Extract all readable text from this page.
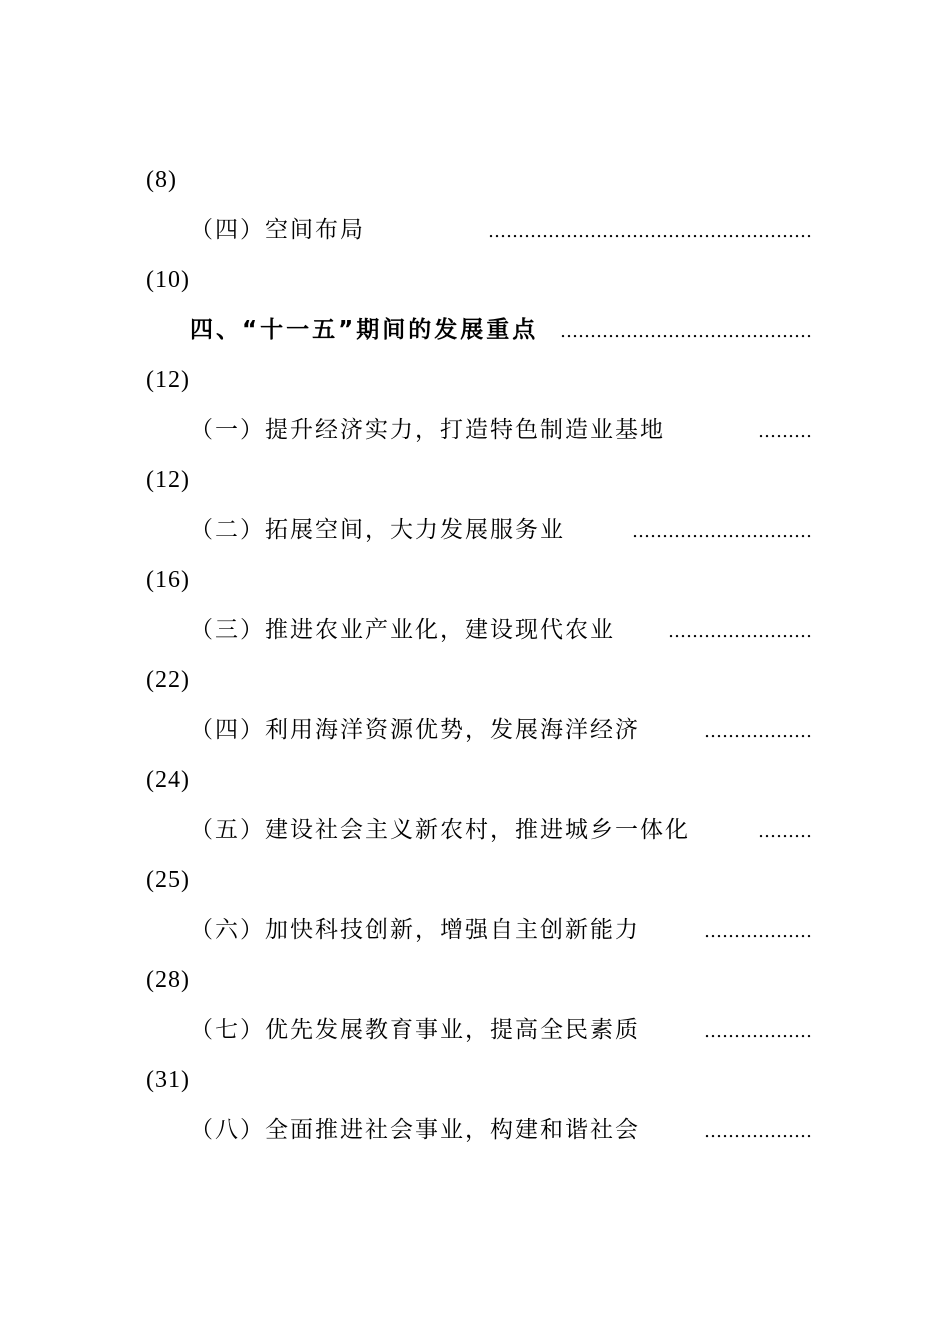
(8)
（四）空间布局	………………………………………………
(10)
四、“十一五”期间的发展重点	……………………………………
(12)
（一）提升经济实力，打造特色制造业基地	………
(12)
（二）拓展空间，大力发展服务业	…………………………
(16)
（三）推进农业产业化，建设现代农业	……………………
(22)
（四）利用海洋资源优势，发展海洋经济	………………
(24)
（五）建设社会主义新农村，推进城乡一体化	………
(25)
（六）加快科技创新，增强自主创新能力	………………
(28)
（七）优先发展教育事业，提高全民素质	………………
(31)
（八）全面推进社会事业，构建和谐社会	………………
